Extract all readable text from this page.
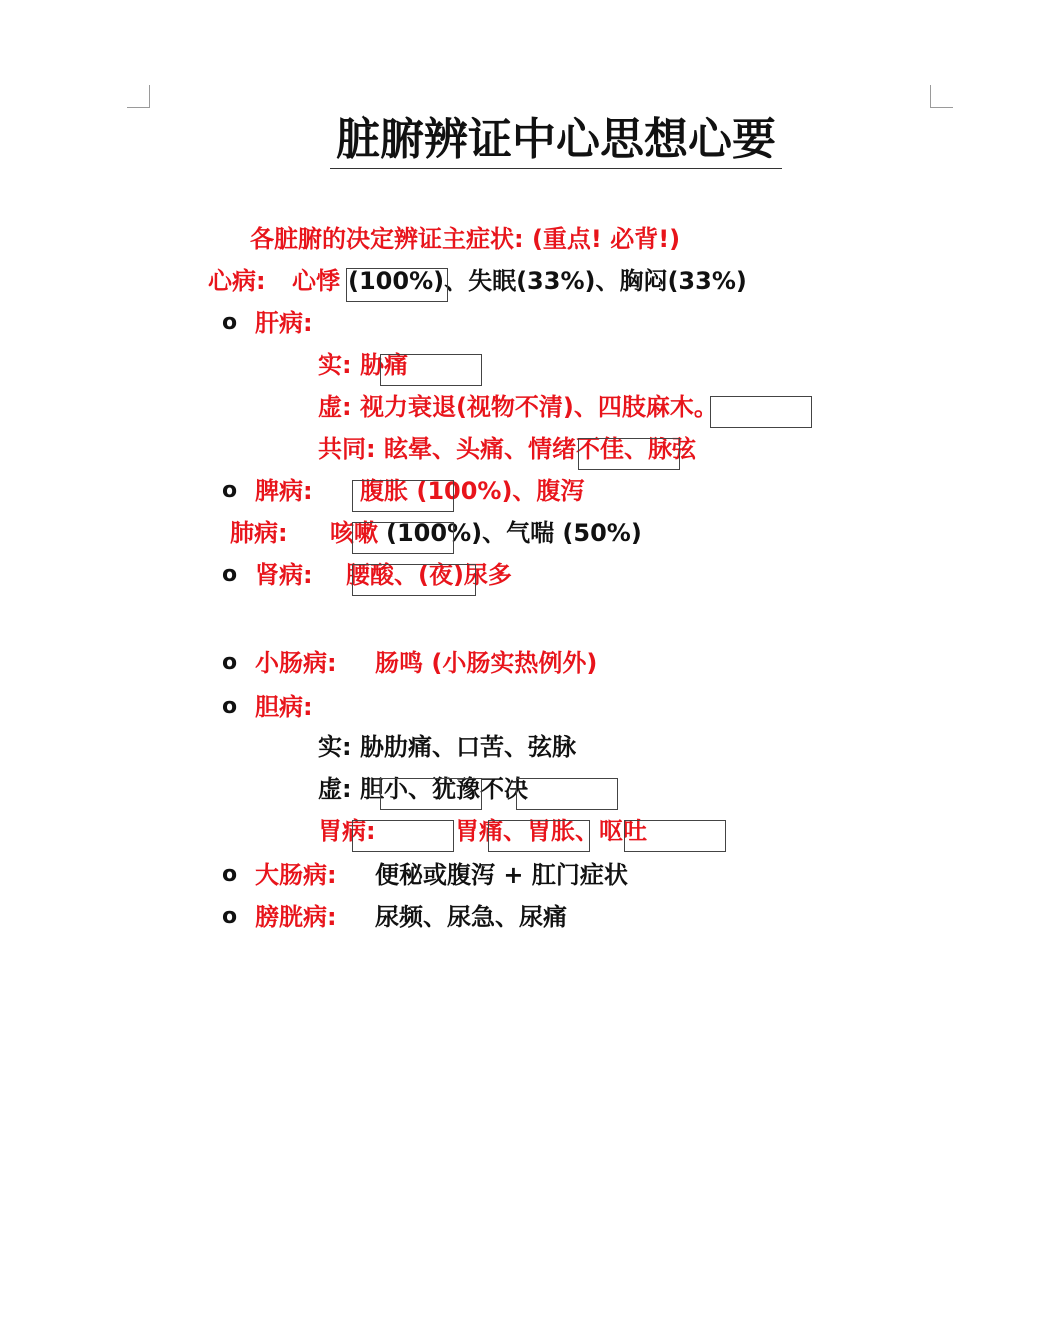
脏腑辨证中心思想心要
各脏腑的决定辨证主症状: (重点! 必背!)
心病: 心悸 (100%)、失眠(33%)、胸闷(33%)
o 肝病:
实: 胁痛
虚: 视力衰退(视物不清)、四肢麻木。
共同: 眩晕、头痛、情绪不佳、脉弦
o 脾病: 腹胀 (100%)、腹泻
肺病: 咳嗽 (100%)、气喘 (50%)
o 肾病: 腰酸、(夜)尿多
o 小肠病: 肠鸣 (小肠实热例外)
o 胆病:
实: 胁肋痛、口苦、弦脉
虚: 胆小、犹豫不决
胃病:	胃痛、胃胀、呕吐
o 大肠病: 便秘或腹泻 + 肛门症状
o 膀胱病: 尿频、尿急、尿痛
